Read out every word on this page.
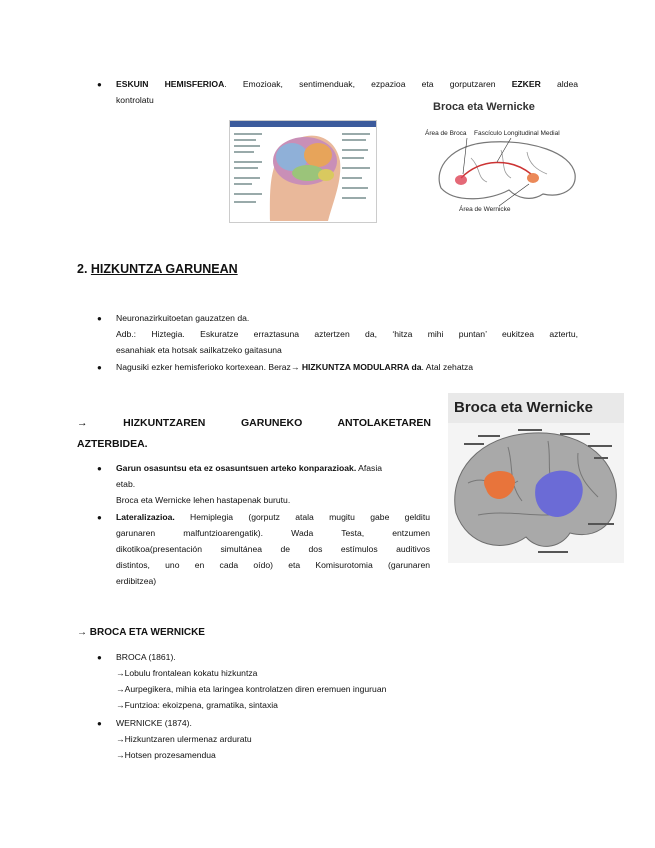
● ESKUIN HEMISFERIOA. Emozioak, sentimenduak, ezpazioa eta gorputzaren EZKER aldea
kontrolatu
Broca eta Wernicke
Área de Broca Fascículo Longitudinal Medial
Área de Wernicke
2. HIZKUNTZA GARUNEAN
● Neuronazirkuitoetan gauzatzen da.
Adb.: Hiztegia. Eskuratze erraztasuna aztertzen da, ‘hitza mihi puntan’ eukitzea aztertu,
esanahiak eta hotsak sailkatzeko gaitasuna
● Nagusiki ezker hemisferioko kortexean. Beraz→ HIZKUNTZA MODULARRA da. Atal zehatza
→ HIZKUNTZAREN GARUNEKO ANTOLAKETAREN
AZTERBIDEA.
● Garun osasuntsu eta ez osasuntsuen arteko konparazioak. Afasia
etab.
Broca eta Wernicke lehen hastapenak burutu.
● Lateralizazioa. Hemiplegia (gorputz atala mugitu gabe gelditu
garunaren malfuntzioarengatik). Wada Testa, entzumen
dikotikoa(presentación simultánea de dos estímulos auditivos
distintos, uno en cada oído) eta Komisurotomia (garunaren
erdibitzea)
Broca eta Wernicke
→ BROCA ETA WERNICKE
● BROCA (1861).
→Lobulu frontalean kokatu hizkuntza
→Aurpegikera, mihia eta laringea kontrolatzen diren eremuen inguruan
→Funtzioa: ekoizpena, gramatika, sintaxia
● WERNICKE (1874).
→Hizkuntzaren ulermenaz arduratu
→Hotsen prozesamendua
